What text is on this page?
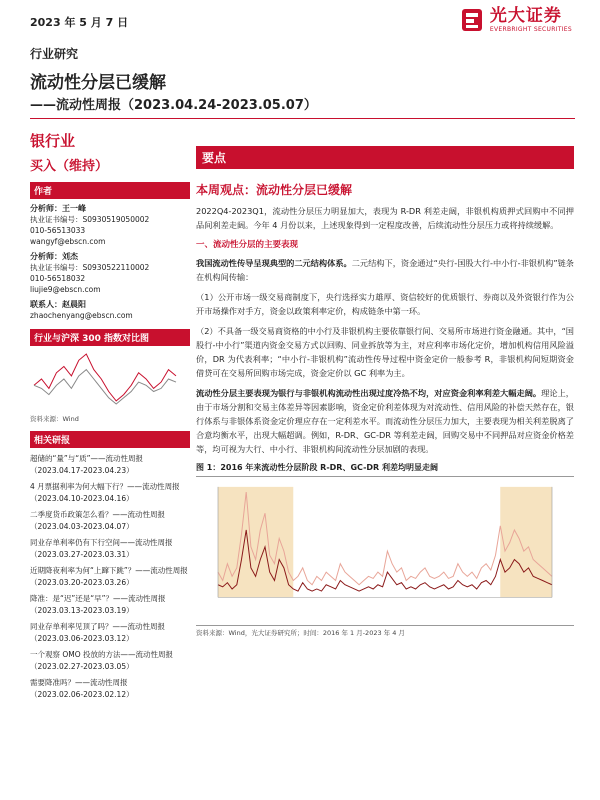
2023 年 5 月 7 日	光大证券
EVERBRIGHT SECURITIES
行业研究
流动性分层已缓解
——流动性周报（2023.04.24-2023.05.07）
银行业
买入（维持）
作者
分析师：王一峰
执业证书编号：S0930519050002
010-56513033
wangyf@ebscn.com
分析师：刘杰
执业证书编号：S0930522110002
010-56518032
liujie9@ebscn.com
联系人：赵晨阳
zhaochenyang@ebscn.com
行业与沪深 300 指数对比图
资料来源：Wind
相关研报
超储的“量”与“质”——流动性周报
（2023.04.17-2023.04.23）
4 月票据利率为何大幅下行？——流动性周报
（2023.04.10-2023.04.16）
二季度货币政策怎么看？——流动性周报
（2023.04.03-2023.04.07）
同业存单利率仍有下行空间——流动性周报
（2023.03.27-2023.03.31）
近期降夜利率为何“上蹿下跳”？——流动性周报
（2023.03.20-2023.03.26）
降准：是“迟”还是“早”？——流动性周报
（2023.03.13-2023.03.19）
同业存单利率见顶了吗？——流动性周报
（2023.03.06-2023.03.12）
一个观察 OMO 投放的方法——流动性周报
（2023.02.27-2023.03.05）
需要降准吗？——流动性周报
（2023.02.06-2023.02.12）
要点
本周观点：流动性分层已缓解
2022Q4-2023Q1，流动性分层压力明显加大，表现为 R-DR 利差走阔，非银机构质押式回购中不同押品间利差走阔。今年 4 月份以来，上述现象得到一定程度改善，后续流动性分层压力或将持续缓解。
一、流动性分层的主要表现
我国流动性传导呈现典型的二元结构体系。二元结构下，资金通过“央行-国股大行-中小行-非银机构”链条在机构间传输：
（1）公开市场一级交易商制度下，央行选择实力雄厚、资信较好的优质银行、券商以及外资银行作为公开市场操作对手方，资金以政策利率定价，构成链条中第一环。
（2）不具备一级交易商资格的中小行及非银机构主要依靠银行间、交易所市场进行资金融通。其中，“国股行-中小行”渠道内资金交易方式以回购、同业拆放等为主，对应利率市场化定价，增加机构信用风险溢价，DR 为代表利率；“中小行-非银机构”流动性传导过程中资金定价一般参考 R，非银机构间短期资金借贷可在交易所回购市场完成，资金定价以 GC 利率为主。
流动性分层主要表现为银行与非银机构流动性出现过度冷热不均，对应资金利率利差大幅走阔。理论上，由于市场分割和交易主体差异等因素影响，资金定价利差体现为对流动性、信用风险的补偿天然存在，银行体系与非银体系资金定价理应存在一定利差水平。而流动性分层压力加大，主要表现为相关利差脱离了合意均衡水平，出现大幅超调。例如，R-DR、GC-DR 等利差走阔，回购交易中不同押品对应资金价格差等，均可视为大行、中小行、非银机构间流动性分层加剧的表现。
图 1：2016 年来流动性分层阶段 R-DR、GC-DR 利差均明显走阔
资料来源：Wind，光大证券研究所；时间：2016 年 1 月-2023 年 4 月
